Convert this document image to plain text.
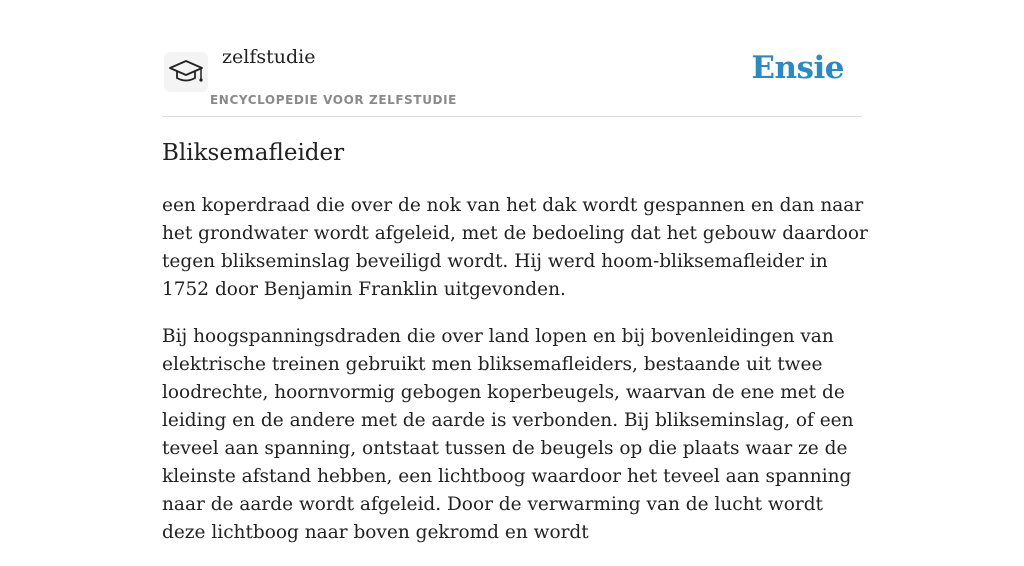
zelfstudie
ENCYCLOPEDIE VOOR ZELFSTUDIE
Ensie
Bliksemafleider

een koperdraad die over de nok van het dak wordt gespannen en dan naar het grondwater wordt afgeleid, met de bedoeling dat het gebouw daardoor tegen blikseminslag beveiligd wordt. Hij werd hoom-bliksemafleider in 1752 door Benjamin Franklin uitgevonden.

Bij hoogspanningsdraden die over land lopen en bij bovenleidingen van elektrische treinen gebruikt men bliksemafleiders, bestaande uit twee loodrechte, hoornvormig gebogen koperbeugels, waarvan de ene met de leiding en de andere met de aarde is verbonden. Bij blikseminslag, of een teveel aan spanning, ontstaat tussen de beugels op die plaats waar ze de kleinste afstand hebben, een lichtboog waardoor het teveel aan spanning naar de aarde wordt afgeleid. Door de verwarming van de lucht wordt deze lichtboog naar boven gekromd en wordt
